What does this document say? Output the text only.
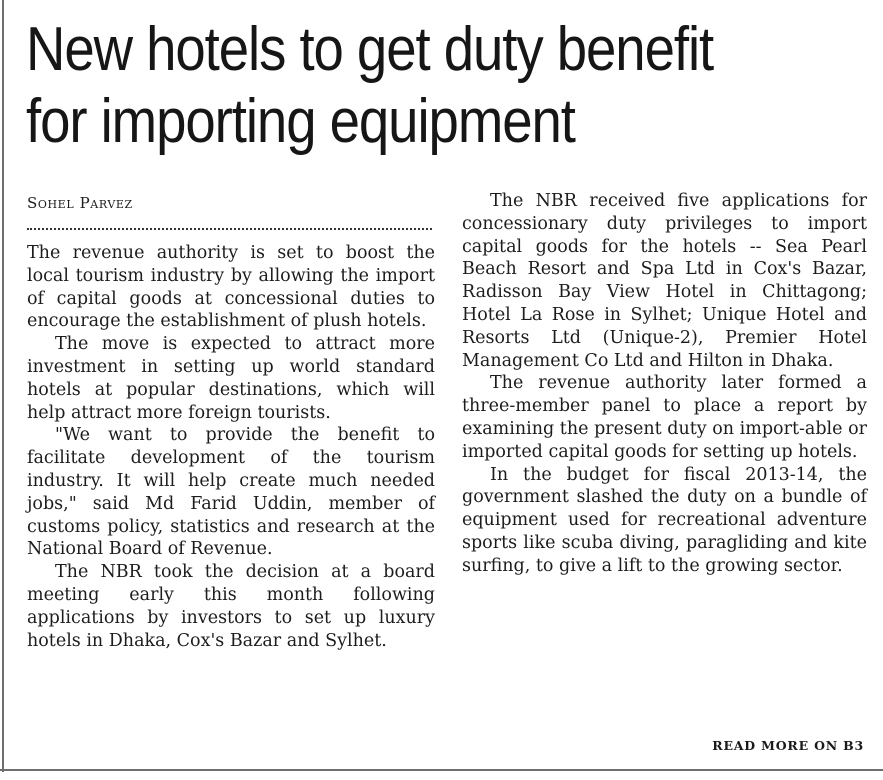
New hotels to get duty benefit for importing equipment
Sohel Parvez

The revenue authority is set to boost the local tourism industry by allowing the import of capital goods at concessional duties to encourage the establishment of plush hotels.

The move is expected to attract more investment in setting up world standard hotels at popular destinations, which will help attract more foreign tourists.

"We want to provide the benefit to facilitate development of the tourism industry. It will help create much needed jobs," said Md Farid Uddin, member of customs policy, statistics and research at the National Board of Revenue.

The NBR took the decision at a board meeting early this month following applications by investors to set up luxury hotels in Dhaka, Cox's Bazar and Sylhet.

The NBR received five applications for concessionary duty privileges to import capital goods for the hotels -- Sea Pearl Beach Resort and Spa Ltd in Cox's Bazar, Radisson Bay View Hotel in Chittagong; Hotel La Rose in Sylhet; Unique Hotel and Resorts Ltd (Unique-2), Premier Hotel Management Co Ltd and Hilton in Dhaka.

The revenue authority later formed a three-member panel to place a report by examining the present duty on import-able or imported capital goods for setting up hotels.

In the budget for fiscal 2013-14, the government slashed the duty on a bundle of equipment used for recreational adventure sports like scuba diving, paragliding and kite surfing, to give a lift to the growing sector.

READ MORE ON B3
